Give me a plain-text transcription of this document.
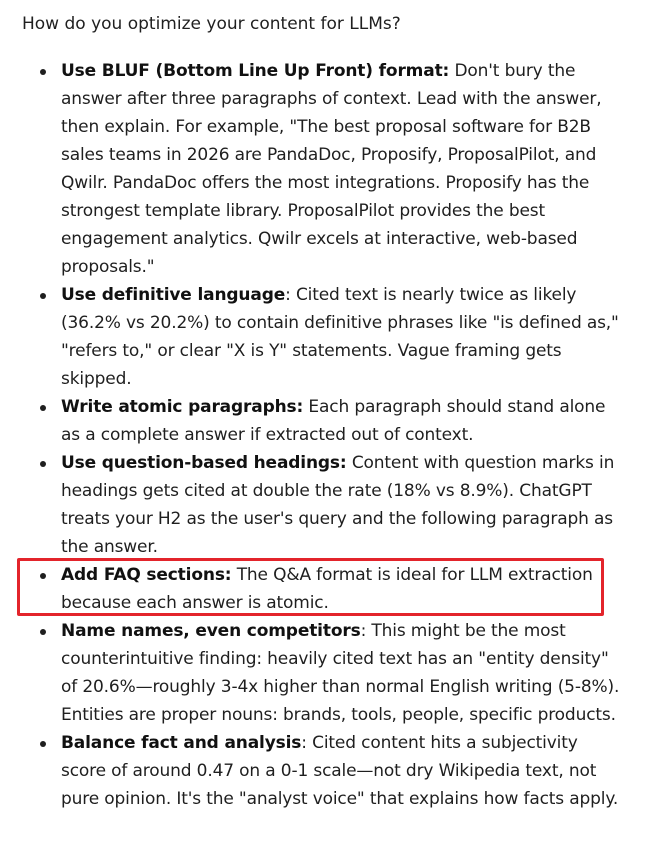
How do you optimize your content for LLMs?

Use BLUF (Bottom Line Up Front) format: Don't bury the answer after three paragraphs of context. Lead with the answer, then explain. For example, "The best proposal software for B2B sales teams in 2026 are PandaDoc, Proposify, ProposalPilot, and Qwilr. PandaDoc offers the most integrations. Proposify has the strongest template library. ProposalPilot provides the best engagement analytics. Qwilr excels at interactive, web-based proposals."
Use definitive language: Cited text is nearly twice as likely (36.2% vs 20.2%) to contain definitive phrases like "is defined as," "refers to," or clear "X is Y" statements. Vague framing gets skipped.
Write atomic paragraphs: Each paragraph should stand alone as a complete answer if extracted out of context.
Use question-based headings: Content with question marks in headings gets cited at double the rate (18% vs 8.9%). ChatGPT treats your H2 as the user's query and the following paragraph as the answer.
Add FAQ sections: The Q&A format is ideal for LLM extraction because each answer is atomic.
Name names, even competitors: This might be the most counterintuitive finding: heavily cited text has an "entity density" of 20.6%—roughly 3-4x higher than normal English writing (5-8%). Entities are proper nouns: brands, tools, people, specific products.
Balance fact and analysis: Cited content hits a subjectivity score of around 0.47 on a 0-1 scale—not dry Wikipedia text, not pure opinion. It's the "analyst voice" that explains how facts apply.
